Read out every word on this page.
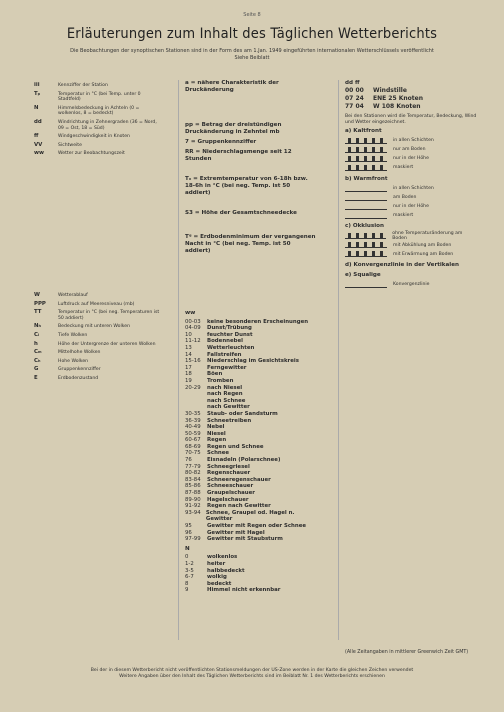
Seite 8
Erläuterungen zum Inhalt des Täglichen Wetterberichts
Die Beobachtungen der synoptischen Stationen sind in der Form des am 1.Jan. 1949 eingeführten internationalen Wetterschlüssels veröffentlicht
Siehe Beiblatt
iii	Kennziffer der Station
Tₚ	Temperatur in °C (bei Temp. unter 0 Stadtfeld)
N	Himmelsbedeckung in Achteln (0 = wolkenlos, 8 = bedeckt)
dd	Windrichtung in Zehnergraden (36 = Nord, 09 = Ost, 18 = Süd)
ff	Windgeschwindigkeit in Knoten
VV	Sichtweite
ww	Wetter zur Beobachtungszeit
W	Wetterablauf
PPP	Luftdruck auf Meeresniveau (mb)
TT	Temperatur in °C (bei neg. Temperaturen ist 50 addiert)
Nₕ	Bedeckung mit unteren Wolken
Cₗ	Tiefe Wolken
h	Höhe der Untergrenze der unteren Wolken
Cₘ	Mittelhohe Wolken
Cₕ	Hohe Wolken
G	Gruppenkennziffer
E	Erdbodenzustand
a = nähere Charakteristik der Druckänderung
pp = Betrag der dreistündigen Druckänderung in Zehntel mb
7 = Gruppenkennziffer
RR = Niederschlagsmenge seit 12 Stunden
Tₓ = Extremtemperatur von 6-18h bzw. 18-6h in °C (bei neg. Temp. ist 50 addiert)
S3 = Höhe der Gesamtschneedecke
Tᵍ = Erdbodenminimum der vergangenen Nacht in °C (bei neg. Temp. ist 50 addiert)
ww
00-03	keine besonderen Erscheinungen
04-09	Dunst/Trübung
10	feuchter Dunst
11-12	Bodennebel
13	Wetterleuchten
14	Fallstreifen
15-16	Niederschlag im Gesichtskreis
17	Ferngewitter
18	Böen
19	Tromben
20-29	nach Niesel
nach Regen
nach Schnee
nach Gewitter
30-35	Staub- oder Sandsturm
36-39	Schneetreiben
40-49	Nebel
50-59	Niesel
60-67	Regen
68-69	Regen und Schnee
70-75	Schnee
76	Eisnadeln (Polarschnee)
77-79	Schneegriesel
80-82	Regenschauer
83-84	Schneeregenschauer
85-86	Schneeschauer
87-88	Graupelschauer
89-90	Hagelschauer
91-92	Regen nach Gewitter
93-94 Schnee, Graupel od. Hagel n. Gewitter
95	Gewitter mit Regen oder Schnee
96	Gewitter mit Hagel
97-99	Gewitter mit Staubsturm
N
0	wolkenlos
1-2	heiter
3-5	halbbedeckt
6-7	wolkig
8	bedeckt
9	Himmel nicht erkennbar
dd ff
00 00	Windstille
07 24	ENE 25 Knoten
77 04	W 108 Knoten
Bei den Stationen wird die Temperatur, Bedeckung, Wind und Wetter eingezeichnet.
a) Kaltfront
in allen Schichten
nur am Boden
nur in der Höhe
maskiert
b) Warmfront
in allen Schichten
am Boden
nur in der Höhe
maskiert
c) Okklusion
ohne Temperaturänderung am Boden
mit Abkühlung am Boden
mit Erwärmung am Boden
d) Konvergenzlinie in der Vertikalen
e) Squalige
Konvergenzlinie
(Alle Zeitangaben in mittlerer Greenwich Zeit GMT)
Bei der in diesem Wetterbericht nicht veröffentlichten Stationsmeldungen der US-Zone werden in der Karte die gleichen Zeichen verwendet
Weitere Angaben über den Inhalt des Täglichen Wetterberichts sind im Beiblatt Nr. 1 des Wetterberichts erschienen
